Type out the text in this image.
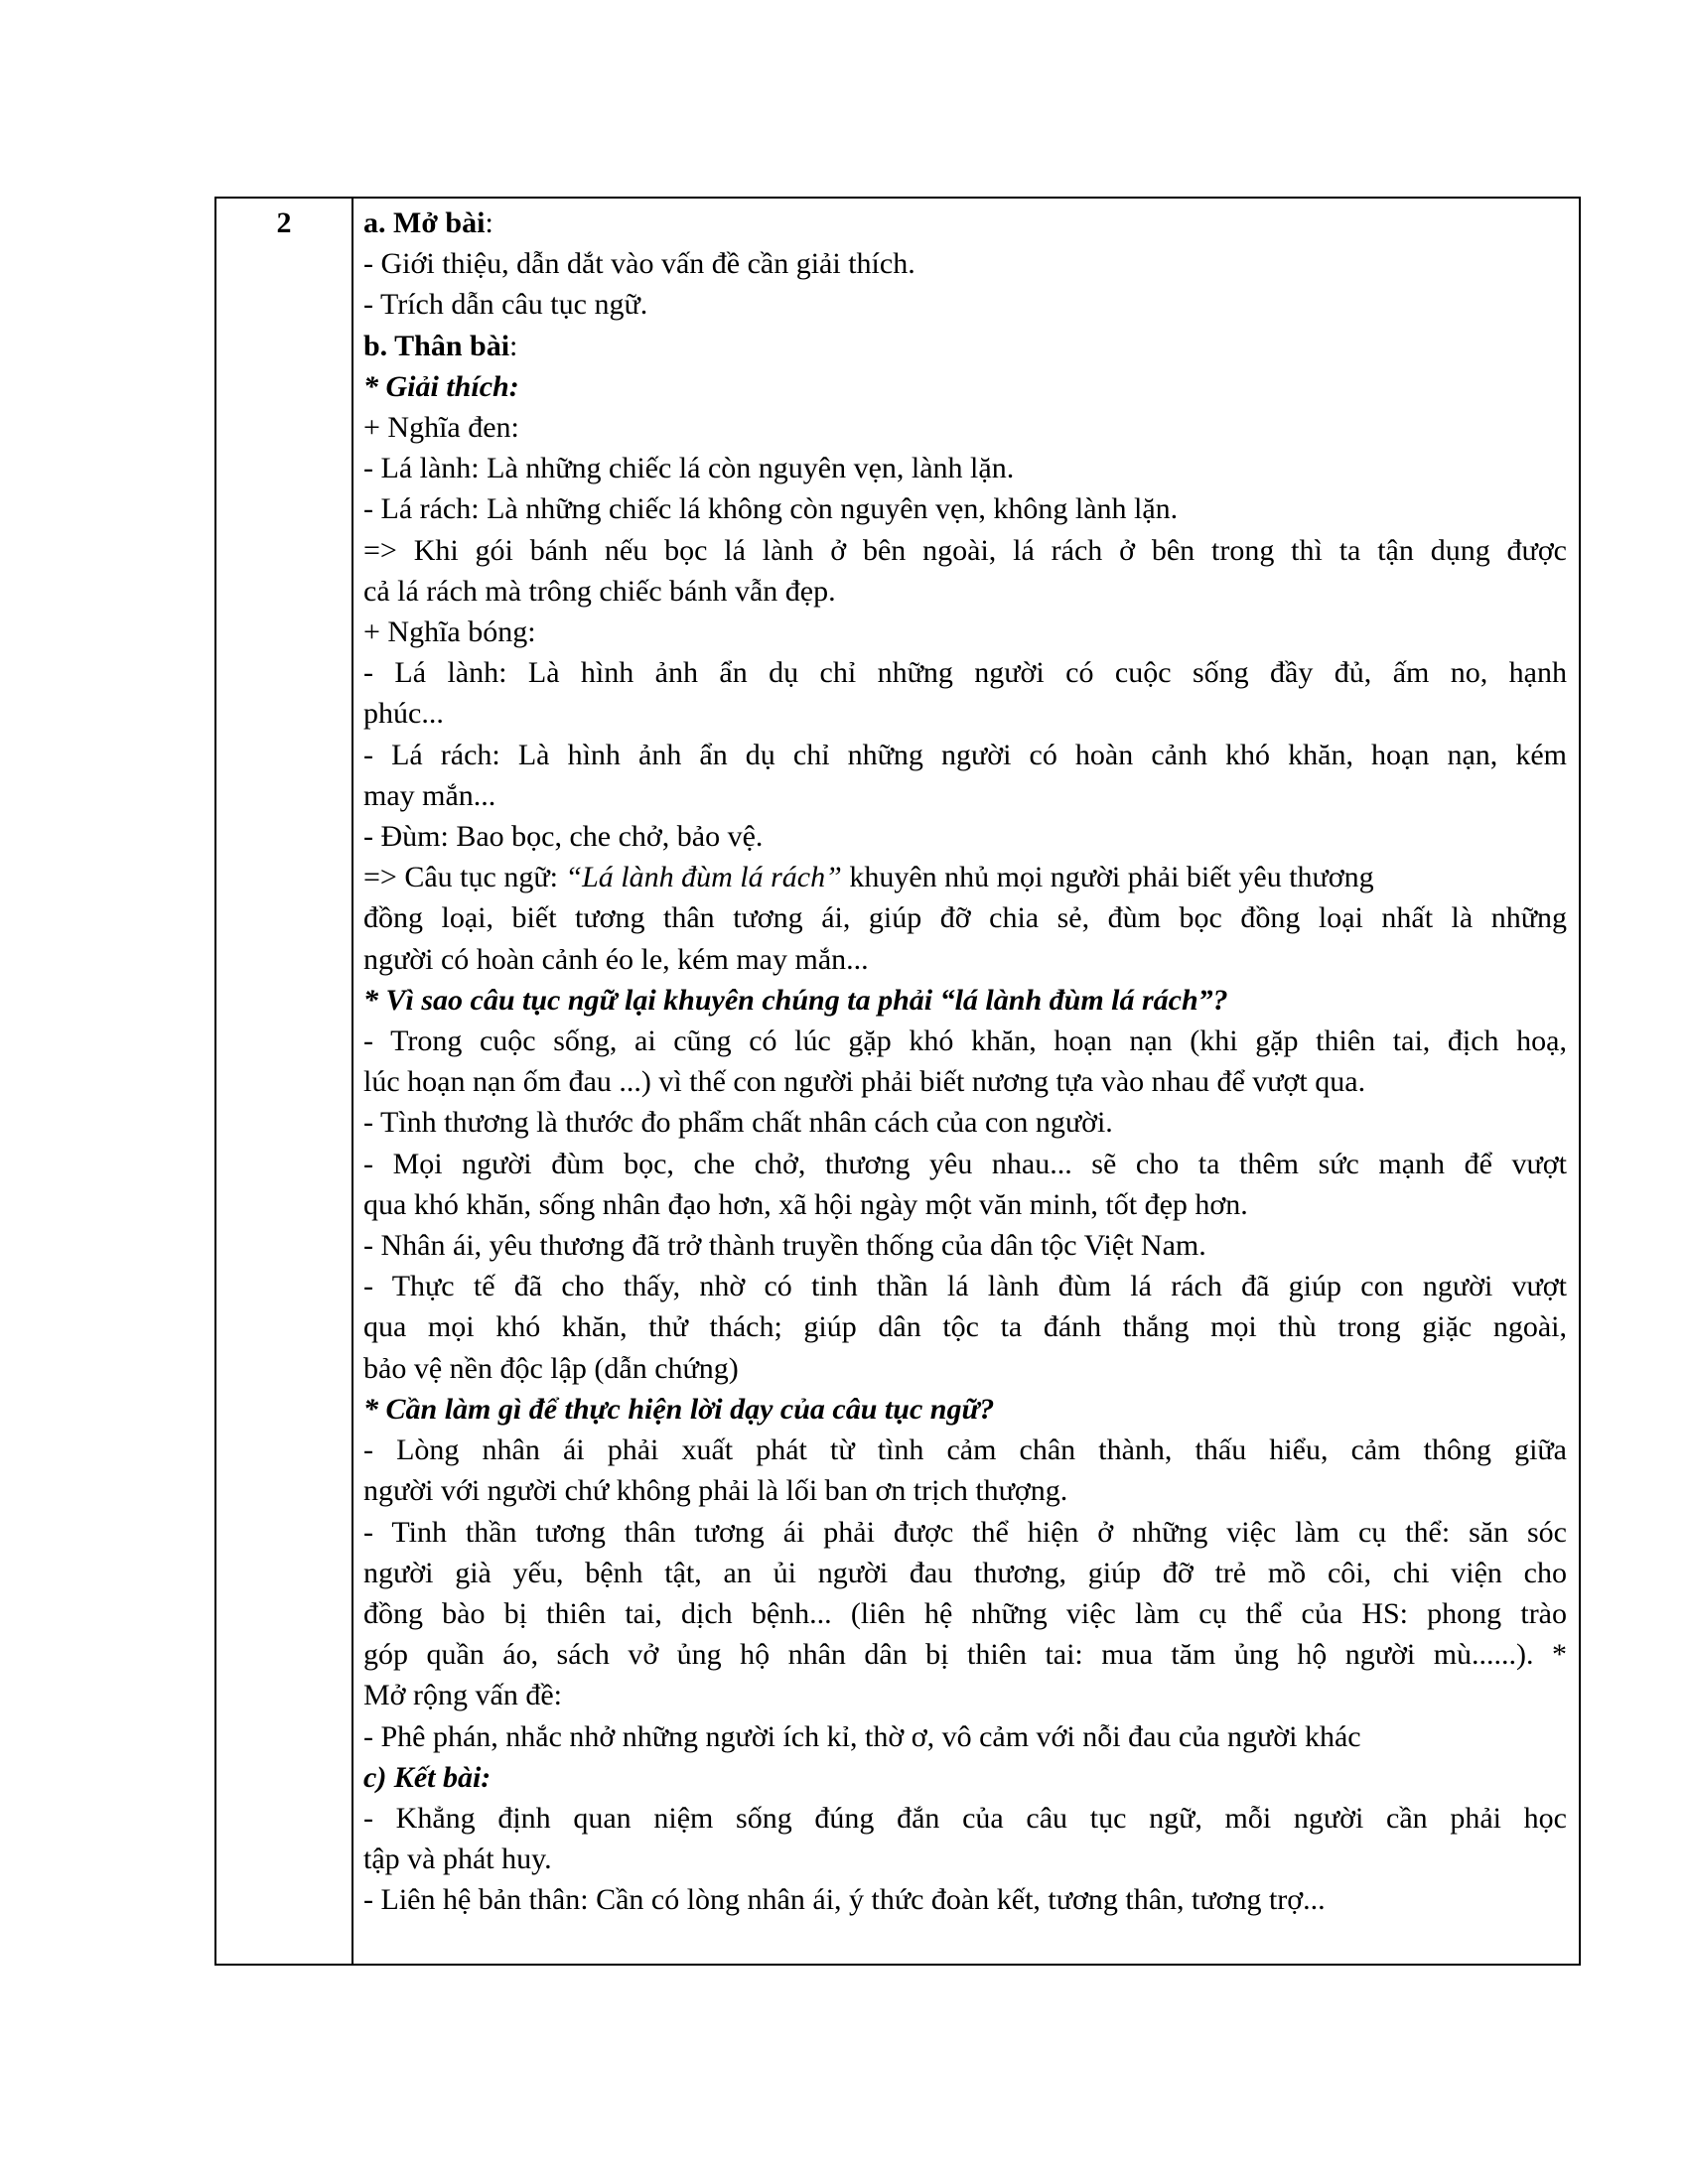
2	a. Mở bài:
- Giới thiệu, dẫn dắt vào vấn đề cần giải thích.
- Trích dẫn câu tục ngữ.
b. Thân bài:
* Giải thích:
+ Nghĩa đen:
- Lá lành: Là những chiếc lá còn nguyên vẹn, lành lặn.
- Lá rách: Là những chiếc lá không còn nguyên vẹn, không lành lặn.
=> Khi gói bánh nếu bọc lá lành ở bên ngoài, lá rách ở bên trong thì ta tận dụng được
cả lá rách mà trông chiếc bánh vẫn đẹp.
+ Nghĩa bóng:
- Lá lành: Là hình ảnh ẩn dụ chỉ những người có cuộc sống đầy đủ, ấm no, hạnh
phúc...
- Lá rách: Là hình ảnh ẩn dụ chỉ những người có hoàn cảnh khó khăn, hoạn nạn, kém
may mắn...
- Đùm: Bao bọc, che chở, bảo vệ.
=> Câu tục ngữ: “Lá lành đùm lá rách” khuyên nhủ mọi người phải biết yêu thương
đồng loại, biết tương thân tương ái, giúp đỡ chia sẻ, đùm bọc đồng loại nhất là những
người có hoàn cảnh éo le, kém may mắn...
* Vì sao câu tục ngữ lại khuyên chúng ta phải “lá lành đùm lá rách”?
- Trong cuộc sống, ai cũng có lúc gặp khó khăn, hoạn nạn (khi gặp thiên tai, địch hoạ,
lúc hoạn nạn ốm đau ...) vì thế con người phải biết nương tựa vào nhau để vượt qua.
- Tình thương là thước đo phẩm chất nhân cách của con người.
- Mọi người đùm bọc, che chở, thương yêu nhau... sẽ cho ta thêm sức mạnh để vượt
qua khó khăn, sống nhân đạo hơn, xã hội ngày một văn minh, tốt đẹp hơn.
- Nhân ái, yêu thương đã trở thành truyền thống của dân tộc Việt Nam.
- Thực tế đã cho thấy, nhờ có tinh thần lá lành đùm lá rách đã giúp con người vượt
qua mọi khó khăn, thử thách; giúp dân tộc ta đánh thắng mọi thù trong giặc ngoài,
bảo vệ nền độc lập (dẫn chứng)
* Cần làm gì để thực hiện lời dạy của câu tục ngữ?
- Lòng nhân ái phải xuất phát từ tình cảm chân thành, thấu hiểu, cảm thông giữa
người với người chứ không phải là lối ban ơn trịch thượng.
- Tinh thần tương thân tương ái phải được thể hiện ở những việc làm cụ thể: săn sóc
người già yếu, bệnh tật, an ủi người đau thương, giúp đỡ trẻ mồ côi, chi viện cho
đồng bào bị thiên tai, dịch bệnh... (liên hệ những việc làm cụ thể của HS: phong trào
góp quần áo, sách vở ủng hộ nhân dân bị thiên tai: mua tăm ủng hộ người mù......). *
Mở rộng vấn đề:
- Phê phán, nhắc nhở những người ích kỉ, thờ ơ, vô cảm với nỗi đau của người khác
c) Kết bài:
- Khẳng định quan niệm sống đúng đắn của câu tục ngữ, mỗi người cần phải học
tập và phát huy.
- Liên hệ bản thân: Cần có lòng nhân ái, ý thức đoàn kết, tương thân, tương trợ...
